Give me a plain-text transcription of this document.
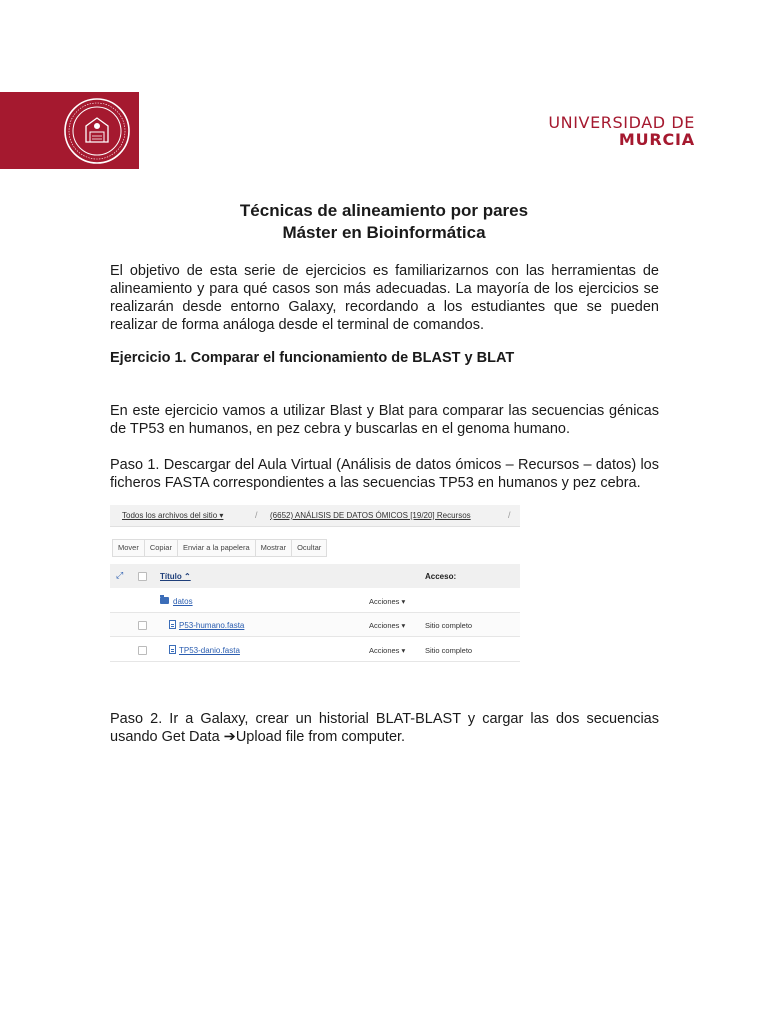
UNIVERSIDAD DE
MURCIA
Técnicas de alineamiento por pares
Máster en Bioinformática
El objetivo de esta serie de ejercicios es familiarizarnos con las herramientas de alineamiento y para qué casos son más adecuadas. La mayoría de los ejercicios se realizarán desde entorno Galaxy, recordando a los estudiantes que se pueden realizar de forma análoga desde el terminal de comandos.
Ejercicio 1. Comparar el funcionamiento de BLAST y BLAT
En este ejercicio vamos a utilizar Blast y Blat para comparar las secuencias génicas de TP53 en humanos, en pez cebra y buscarlas en el genoma humano.
Paso 1. Descargar del Aula Virtual (Análisis de datos ómicos – Recursos – datos) los ficheros FASTA correspondientes a las secuencias TP53 en humanos y pez cebra.
Todos los archivos del sitio ▾	/ (6652) ANÁLISIS DE DATOS ÓMICOS [19/20] Recursos	/
Mover	Copiar	Enviar a la papelera	Mostrar	Ocultar
⤢	Título ⌃	Acceso:
datos	Acciones ▾
P53-humano.fasta	Acciones ▾	Sitio completo
TP53-danio.fasta	Acciones ▾	Sitio completo
Paso 2. Ir a Galaxy, crear un historial BLAT-BLAST y cargar las dos secuencias usando Get Data ➔Upload file from computer.
